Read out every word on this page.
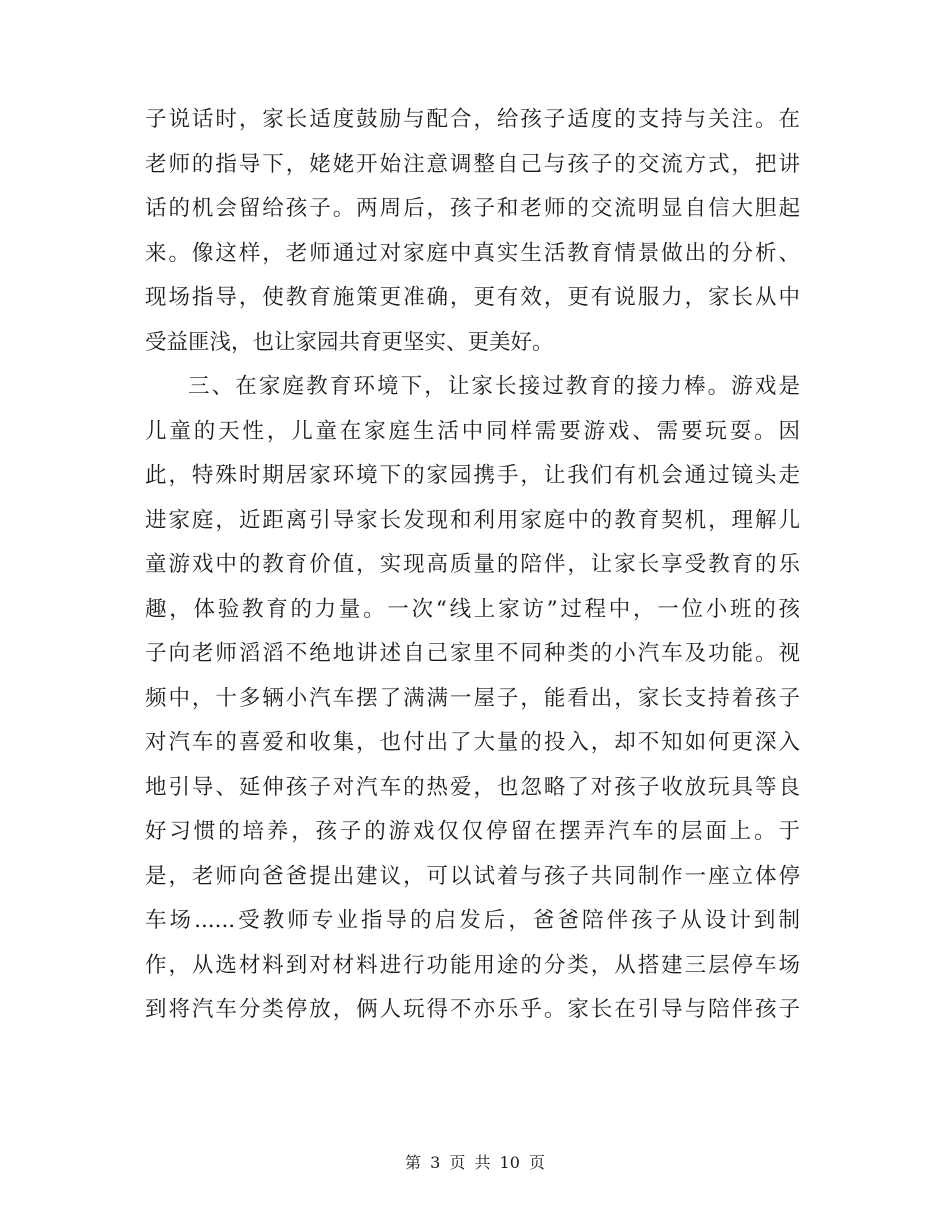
子说话时，家长适度鼓励与配合，给孩子适度的支持与关注。在
老师的指导下，姥姥开始注意调整自己与孩子的交流方式，把讲
话的机会留给孩子。两周后，孩子和老师的交流明显自信大胆起
来。像这样，老师通过对家庭中真实生活教育情景做出的分析、
现场指导，使教育施策更准确，更有效，更有说服力，家长从中
受益匪浅，也让家园共育更坚实、更美好。
三、在家庭教育环境下，让家长接过教育的接力棒。游戏是
儿童的天性，儿童在家庭生活中同样需要游戏、需要玩耍。因
此，特殊时期居家环境下的家园携手，让我们有机会通过镜头走
进家庭，近距离引导家长发现和利用家庭中的教育契机，理解儿
童游戏中的教育价值，实现高质量的陪伴，让家长享受教育的乐
趣，体验教育的力量。一次“线上家访”过程中，一位小班的孩
子向老师滔滔不绝地讲述自己家里不同种类的小汽车及功能。视
频中，十多辆小汽车摆了满满一屋子，能看出，家长支持着孩子
对汽车的喜爱和收集，也付出了大量的投入，却不知如何更深入
地引导、延伸孩子对汽车的热爱，也忽略了对孩子收放玩具等良
好习惯的培养，孩子的游戏仅仅停留在摆弄汽车的层面上。于
是，老师向爸爸提出建议，可以试着与孩子共同制作一座立体停
车场......受教师专业指导的启发后，爸爸陪伴孩子从设计到制
作，从选材料到对材料进行功能用途的分类，从搭建三层停车场
到将汽车分类停放，俩人玩得不亦乐乎。家长在引导与陪伴孩子
第 3 页 共 10 页
